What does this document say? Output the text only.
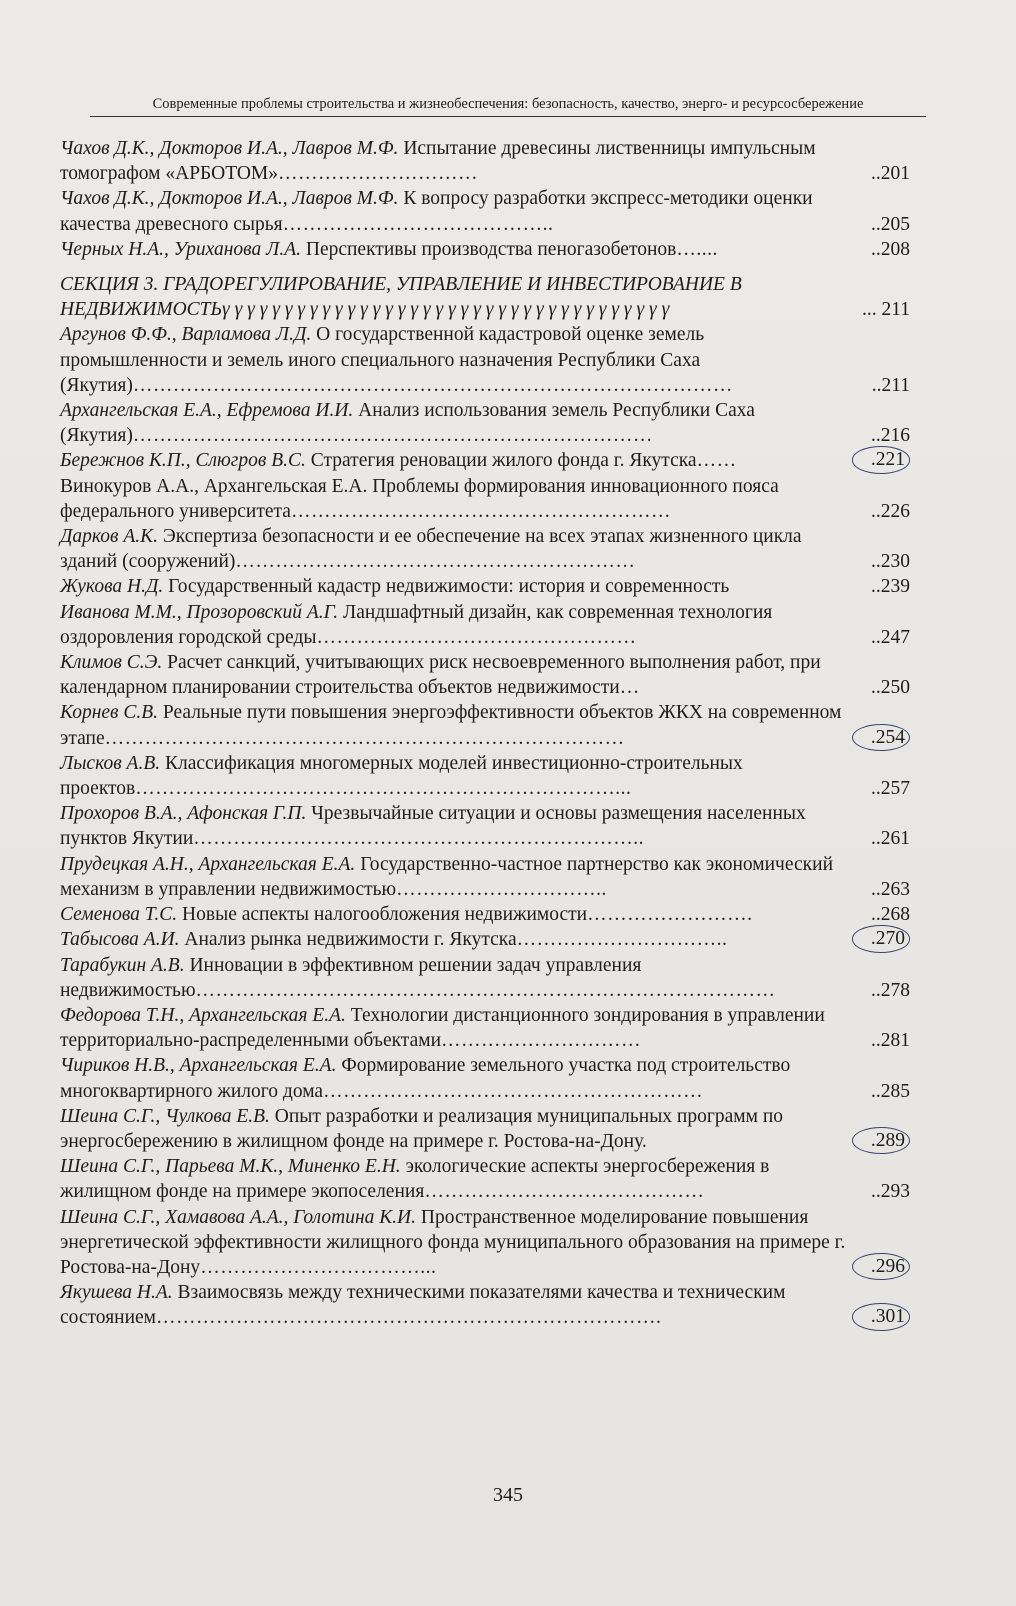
Современные проблемы строительства и жизнеобеспечения: безопасность, качество, энерго- и ресурсосбережение

Чахов Д.К., Докторов И.А., Лавров М.Ф. Испытание древесины лиственницы импульсным томографом «АРБОТОМ»…………………………	..201

Чахов Д.К., Докторов И.А., Лавров М.Ф. К вопросу разработки экспресс-методики оценки качества древесного сырья…………………………………..	..205

Черных Н.А., Уриханова Л.А. Перспективы производства пеногазобетонов…....	..208

СЕКЦИЯ 3. ГРАДОРЕГУЛИРОВАНИЕ, УПРАВЛЕНИЕ И ИНВЕСТИРОВАНИЕ В НЕДВИЖИМОСТЬγ γ γ γ γ γ γ γ γ γ γ γ γ γ γ γ γ γ γ γ γ γ γ γ γ γ γ γ γ γ γ γ γ γ γ γ	... 211

Аргунов Ф.Ф., Варламова Л.Д. О государственной кадастровой оценке земель промышленности и земель иного специального назначения Республики Саха (Якутия)………………………………………………………………………………	..211

Архангельская Е.А., Ефремова И.И. Анализ использования земель Республики Саха (Якутия)……………………………………………………………………	..216

Бережнов К.П., Слюгров В.С. Стратегия реновации жилого фонда г. Якутска……	.221

Винокуров А.А., Архангельская Е.А. Проблемы формирования инновационного пояса федерального университета…………………………………………………	..226

Дарков А.К. Экспертиза безопасности и ее обеспечение на всех этапах жизненного цикла зданий (сооружений)……………………………………………………	..230

Жукова Н.Д. Государственный кадастр недвижимости: история и современность	..239

Иванова М.М., Прозоровский А.Г. Ландшафтный дизайн, как современная технология оздоровления городской среды…………………………………………	..247

Климов С.Э. Расчет санкций, учитывающих риск несвоевременного выполнения работ, при календарном планировании строительства объектов недвижимости…	..250

Корнев С.В. Реальные пути повышения энергоэффективности объектов ЖКХ на современном этапе……………………………………………………………………	.254

Лысков А.В. Классификация многомерных моделей инвестиционно-строительных проектов………………………………………………………………...	..257

Прохоров В.А., Афонская Г.П. Чрезвычайные ситуации и основы размещения населенных пунктов Якутии…………………………………………………………..	..261

Прудецкая А.Н., Архангельская Е.А. Государственно-частное партнерство как экономический механизм в управлении недвижимостью…………………………..	..263

Семенова Т.С. Новые аспекты налогообложения недвижимости…………………….	..268

Табысова А.И. Анализ рынка недвижимости г. Якутска…………………………..	.270

Тарабукин А.В. Инновации в эффективном решении задач управления недвижимостью……………………………………………………………………………	..278

Федорова Т.Н., Архангельская Е.А. Технологии дистанционного зондирования в управлении территориально-распределенными объектами…………………………	..281

Чириков Н.В., Архангельская Е.А. Формирование земельного участка под строительство многоквартирного жилого дома…………………………………………………	..285

Шеина С.Г., Чулкова Е.В. Опыт разработки и реализация муниципальных программ по энергосбережению в жилищном фонде на примере г. Ростова-на-Дону.	.289

Шеина С.Г., Парьева М.К., Миненко Е.Н. экологические аспекты энергосбережения в жилищном фонде на примере экопоселения……………………………………	..293

Шеина С.Г., Хамавова А.А., Голотина К.И. Пространственное моделирование повышения энергетической эффективности жилищного фонда муниципального образования на примере г. Ростова-на-Дону……………………………...	.296

Якушева Н.А. Взаимосвязь между техническими показателями качества и техническим состоянием………………………………………………………………….	.301

345
